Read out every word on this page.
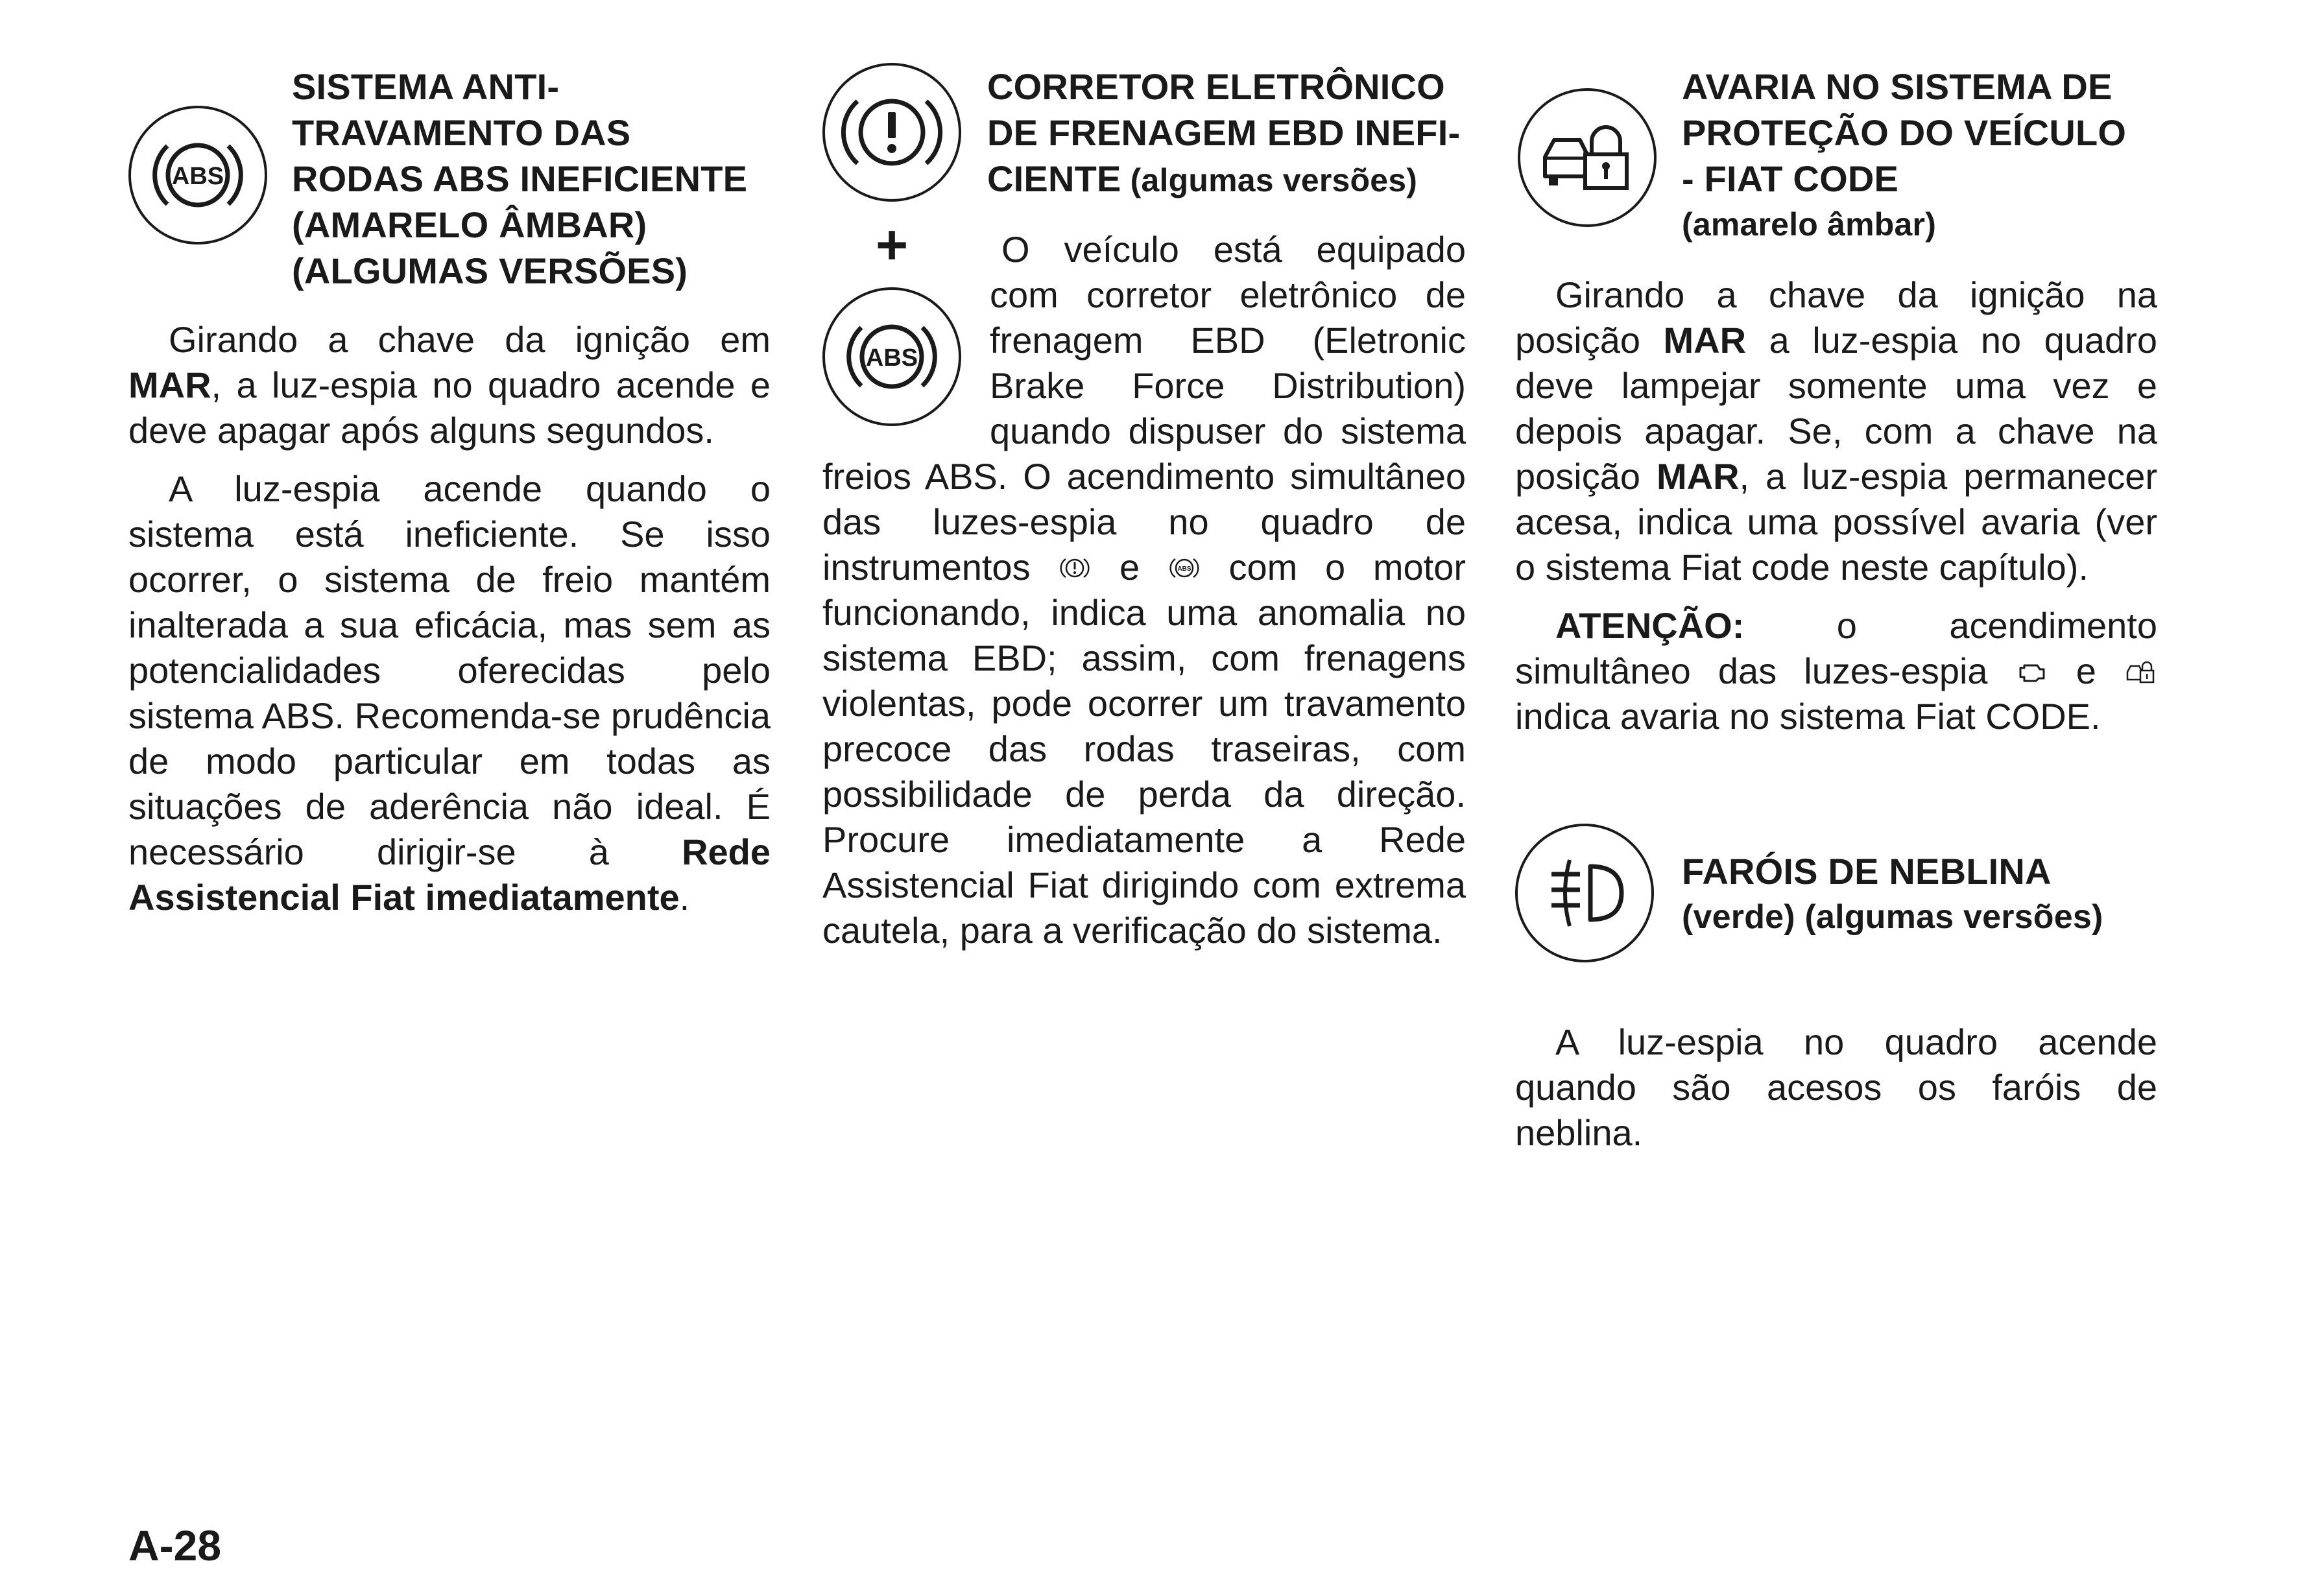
ABS
SISTEMA ANTI-
TRAVAMENTO DAS
RODAS ABS INEFICIENTE
(AMARELO ÂMBAR)
(ALGUMAS VERSÕES)

Girando a chave da ignição em MAR, a luz-espia no quadro acende e deve apagar após alguns segundos.

A luz-espia acende quando o sistema está ineficiente. Se isso ocorrer, o sistema de freio mantém inalterada a sua eficácia, mas sem as potencialidades oferecidas pelo sistema ABS. Recomenda-se prudência de modo particular em todas as situações de aderência não ideal. É necessário dirigir-se à Rede Assistencial Fiat imediatamente.

+
ABS
CORRETOR ELETRÔNICO
DE FRENAGEM EBD INEFI-
CIENTE (algumas versões)

O veículo está equipado com corretor eletrônico de frenagem EBD (Eletronic Brake Force Distribution) quando dispuser do sistema freios ABS. O acendimento simultâneo das luzes-espia no quadro de instrumentos  e ABS com o motor funcionando, indica uma anomalia no sistema EBD; assim, com frenagens violentas, pode ocorrer um travamento precoce das rodas traseiras, com possibilidade de perda da direção. Procure imediatamente a Rede Assistencial Fiat dirigindo com extrema cautela, para a verificação do sistema.

AVARIA NO SISTEMA DE
PROTEÇÃO DO VEÍCULO
- FIAT CODE
(amarelo âmbar)

Girando a chave da ignição na posição MAR a luz-espia no quadro deve lampejar somente uma vez e depois apagar. Se, com a chave na posição MAR, a luz-espia permanecer acesa, indica uma possível avaria (ver o sistema Fiat code neste capítulo).

ATENÇÃO: o acendimento simultâneo das luzes-espia  e  indica avaria no sistema Fiat CODE.

FARÓIS DE NEBLINA
(verde) (algumas versões)

A luz-espia no quadro acende quando são acesos os faróis de neblina.

A-28
